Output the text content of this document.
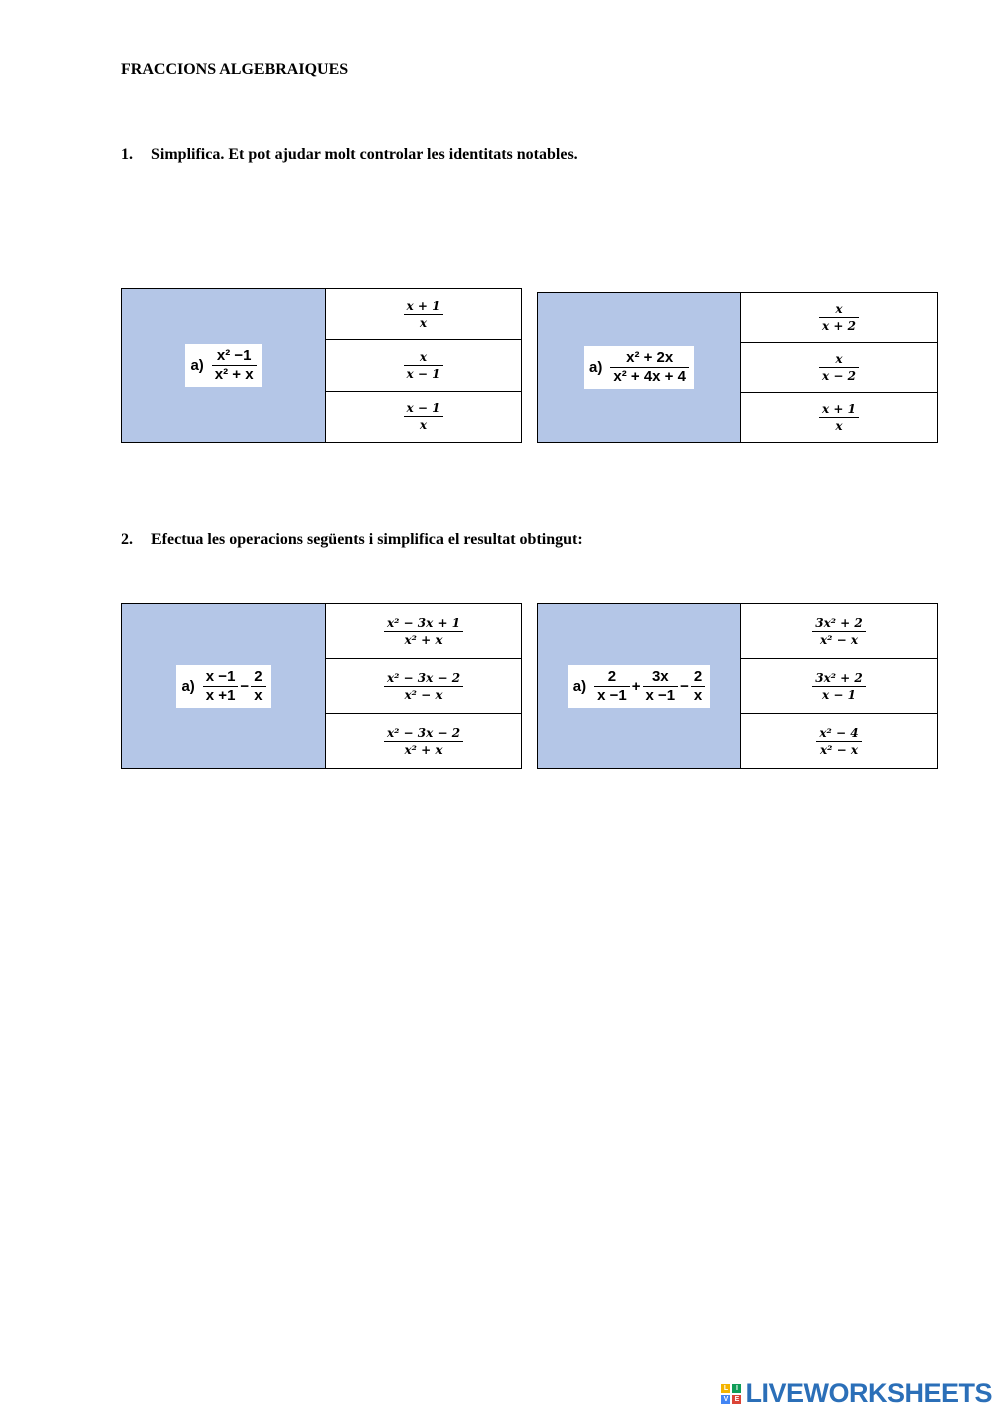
FRACCIONS ALGEBRAIQUES
1. Simplifica. Et pot ajudar molt controlar les identitats notables.
$a) \frac{\text{x² −1}}{\text{x² + x}}$
$\frac{x + 1}{x}$
$\frac{x}{x - 1}$
$\frac{x - 1}{x}$
$a) \frac{\text{x² + 2x}}{\text{x² + 4x + 4}}$
$\frac{x}{x + 2}$
$\frac{x}{x - 2}$
$\frac{x + 1}{x}$
2. Efectua les operacions següents i simplifica el resultat obtingut:
$a) \frac{x -1}{x +1} - \frac{2}{x}$
$\frac{\text{x² − 3x + 1}}{\text{x² + x}}$
$\frac{\text{x² − 3x − 2}}{\text{x² − x}}$
$\frac{\text{x² − 3x − 2}}{\text{x² + x}}$
$a) \frac{2}{x -1} + \frac{3x}{x -1} - \frac{2}{x}$
$\frac{\text{3x² + 2}}{\text{x² − x}}$
$\frac{\text{3x² + 2}}{x - 1}$
$\frac{\text{x² − 4}}{\text{x² − x}}$
L	I
V E LIVEWORKSHEETS
